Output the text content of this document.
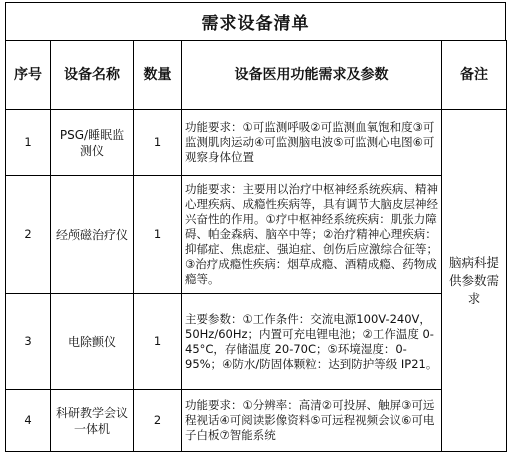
需求设备清单
序号	设备名称	数量	设备医用功能需求及参数	备注
1	PSG/睡眠监测仪	1	功能要求：①可监测呼吸②可监测血氧饱和度③可监测肌肉运动④可监测脑电波⑤可监测心电图⑥可观察身体位置	脑病科提供参数需求
2	经颅磁治疗仪	1	功能要求：主要用以治疗中枢神经系统疾病、精神心理疾病、成瘾性疾病等，具有调节大脑皮层神经兴奋性的作用。①疗中枢神经系统疾病：肌张力障碍、帕金森病、脑卒中等；②治疗精神心理疾病：抑郁症、焦虑症、强迫症、创伤后应激综合征等；③治疗成瘾性疾病：烟草成瘾、酒精成瘾、药物成瘾等。	
3	电除颤仪	1	主要参数：①工作条件：交流电源100V-240V，50Hz/60Hz；内置可充电锂电池；②工作温度 0-45°C，存储温度 20-70C；⑤环境湿度：0-95%；④防水/防固体颗粒：达到防护等级 IP21。	
4	科研教学会议一体机	2	功能要求：①分辨率：高清②可投屏、触屏③可远程视话④可阅读影像资料⑤可远程视频会议⑥可电子白板⑦智能系统	
